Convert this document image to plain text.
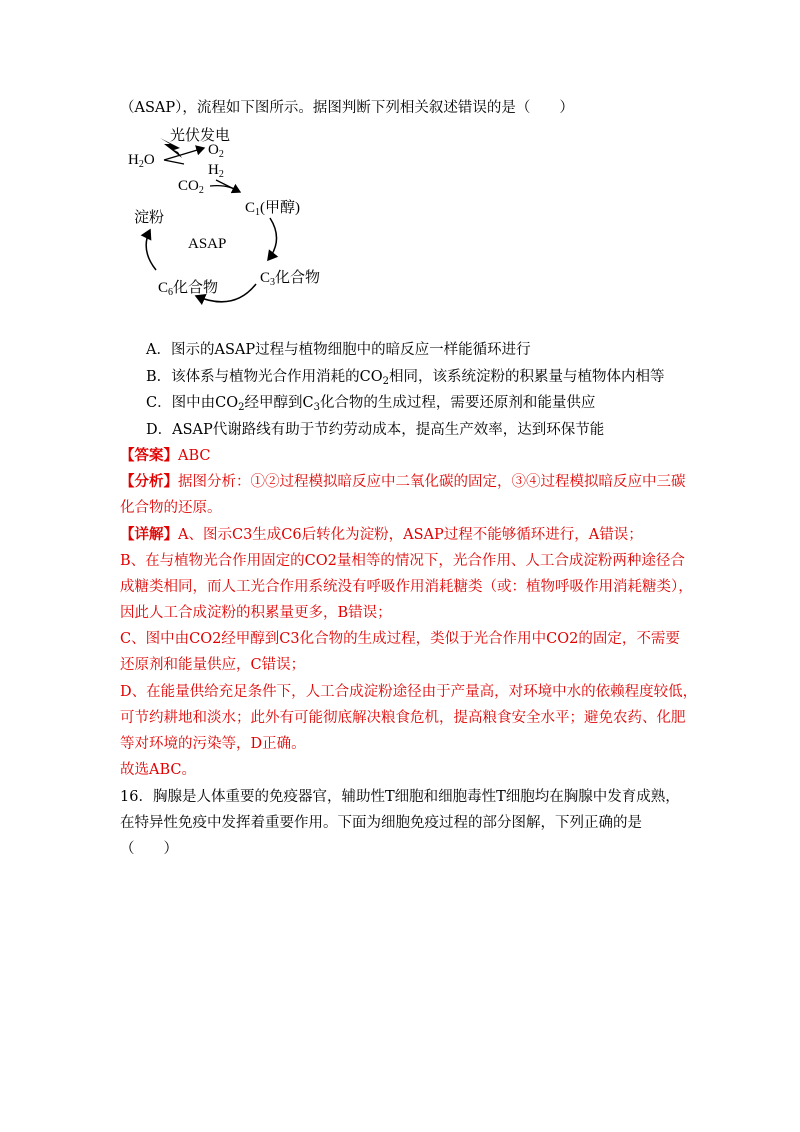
（ASAP），流程如下图所示。据图判断下列相关叙述错误的是（　　）
光伏发电
$H_2O$
$O_2$
$H_2$
$CO_2$
$C_1$(甲醇)
淀粉
ASAP
$C_3$化合物
$C_6$化合物
A．图示的ASAP过程与植物细胞中的暗反应一样能循环进行
B．该体系与植物光合作用消耗的$CO_2$相同，该系统淀粉的积累量与植物体内相等
C．图中由$CO_2$经甲醇到$C_3$化合物的生成过程，需要还原剂和能量供应
D．ASAP代谢路线有助于节约劳动成本，提高生产效率，达到环保节能
【答案】ABC
【分析】据图分析：①②过程模拟暗反应中二氧化碳的固定，③④过程模拟暗反应中三碳
化合物的还原。
【详解】A、图示C3生成C6后转化为淀粉，ASAP过程不能够循环进行，A错误；
B、在与植物光合作用固定的CO2量相等的情况下，光合作用、人工合成淀粉两种途径合
成糖类相同，而人工光合作用系统没有呼吸作用消耗糖类（或：植物呼吸作用消耗糖类），
因此人工合成淀粉的积累量更多，B错误；
C、图中由CO2经甲醇到C3化合物的生成过程，类似于光合作用中CO2的固定，不需要
还原剂和能量供应，C错误；
D、在能量供给充足条件下，人工合成淀粉途径由于产量高，对环境中水的依赖程度较低，
可节约耕地和淡水；此外有可能彻底解决粮食危机，提高粮食安全水平；避免农药、化肥
等对环境的污染等，D正确。
故选ABC。
16．胸腺是人体重要的免疫器官，辅助性T细胞和细胞毒性T细胞均在胸腺中发育成熟，
在特异性免疫中发挥着重要作用。下面为细胞免疫过程的部分图解，下列正确的是
（　　）
